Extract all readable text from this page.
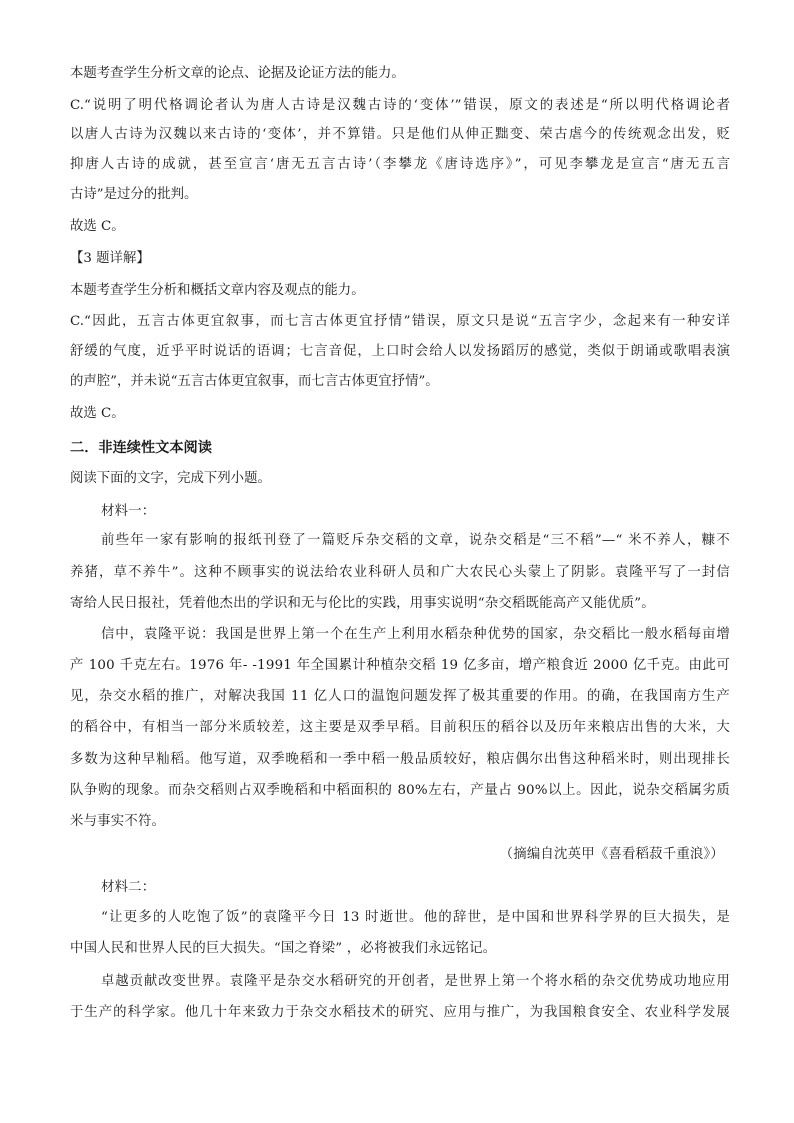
本题考查学生分析文章的论点、论据及论证方法的能力。
C.“说明了明代格调论者认为唐人古诗是汉魏古诗的‘变体’”错误，原文的表述是“所以明代格调论者
以唐人古诗为汉魏以来古诗的‘变体’，并不算错。只是他们从伸正黜变、荣古虐今的传统观念出发，贬
抑唐人古诗的成就，甚至宣言‘唐无五言古诗’（李攀龙《唐诗选序》”，可见李攀龙是宣言“唐无五言
古诗”是过分的批判。
故选 C。
【3 题详解】
本题考查学生分析和概括文章内容及观点的能力。
C.“因此，五言古体更宜叙事，而七言古体更宜抒情”错误，原文只是说“五言字少，念起来有一种安详
舒缓的气度，近乎平时说话的语调；七言音促，上口时会给人以发扬蹈厉的感觉，类似于朗诵或歌唱表演
的声腔”，并未说“五言古体更宜叙事，而七言古体更宜抒情”。
故选 C。
二．非连续性文本阅读
阅读下面的文字，完成下列小题。
材料一：
前些年一家有影响的报纸刊登了一篇贬斥杂交稻的文章，说杂交稻是“三不稻”—“ 米不养人，糠不
养猪，草不养牛”。这种不顾事实的说法给农业科研人员和广大农民心头蒙上了阴影。袁隆平写了一封信
寄给人民日报社，凭着他杰出的学识和无与伦比的实践，用事实说明“杂交稻既能高产又能优质”。
信中，袁隆平说：我国是世界上第一个在生产上利用水稻杂种优势的国家，杂交稻比一般水稻每亩增
产 100 千克左右。1976 年- -1991 年全国累计种植杂交稻 19 亿多亩，增产粮食近 2000 亿千克。由此可
见，杂交水稻的推广，对解决我国 11 亿人口的温饱问题发挥了极其重要的作用。的确，在我国南方生产
的稻谷中，有相当一部分米质较差，这主要是双季早稻。目前积压的稻谷以及历年来粮店出售的大米，大
多数为这种早籼稻。他写道，双季晚稻和一季中稻一般品质较好，粮店偶尔出售这种稻米时，则出现排长
队争购的现象。而杂交稻则占双季晚稻和中稻面积的 80%左右，产量占 90%以上。因此，说杂交稻属劣质
米与事实不符。
（摘编自沈英甲《喜看稻菽千重浪》）
材料二：
“让更多的人吃饱了饭”的袁隆平今日 13 时逝世。他的辞世，是中国和世界科学界的巨大损失，是
中国人民和世界人民的巨大损失。“国之脊梁” ，必将被我们永远铭记。
卓越贡献改变世界。袁隆平是杂交水稻研究的开创者，是世界上第一个将水稻的杂交优势成功地应用
于生产的科学家。他几十年来致力于杂交水稻技术的研究、应用与推广，为我国粮食安全、农业科学发展
